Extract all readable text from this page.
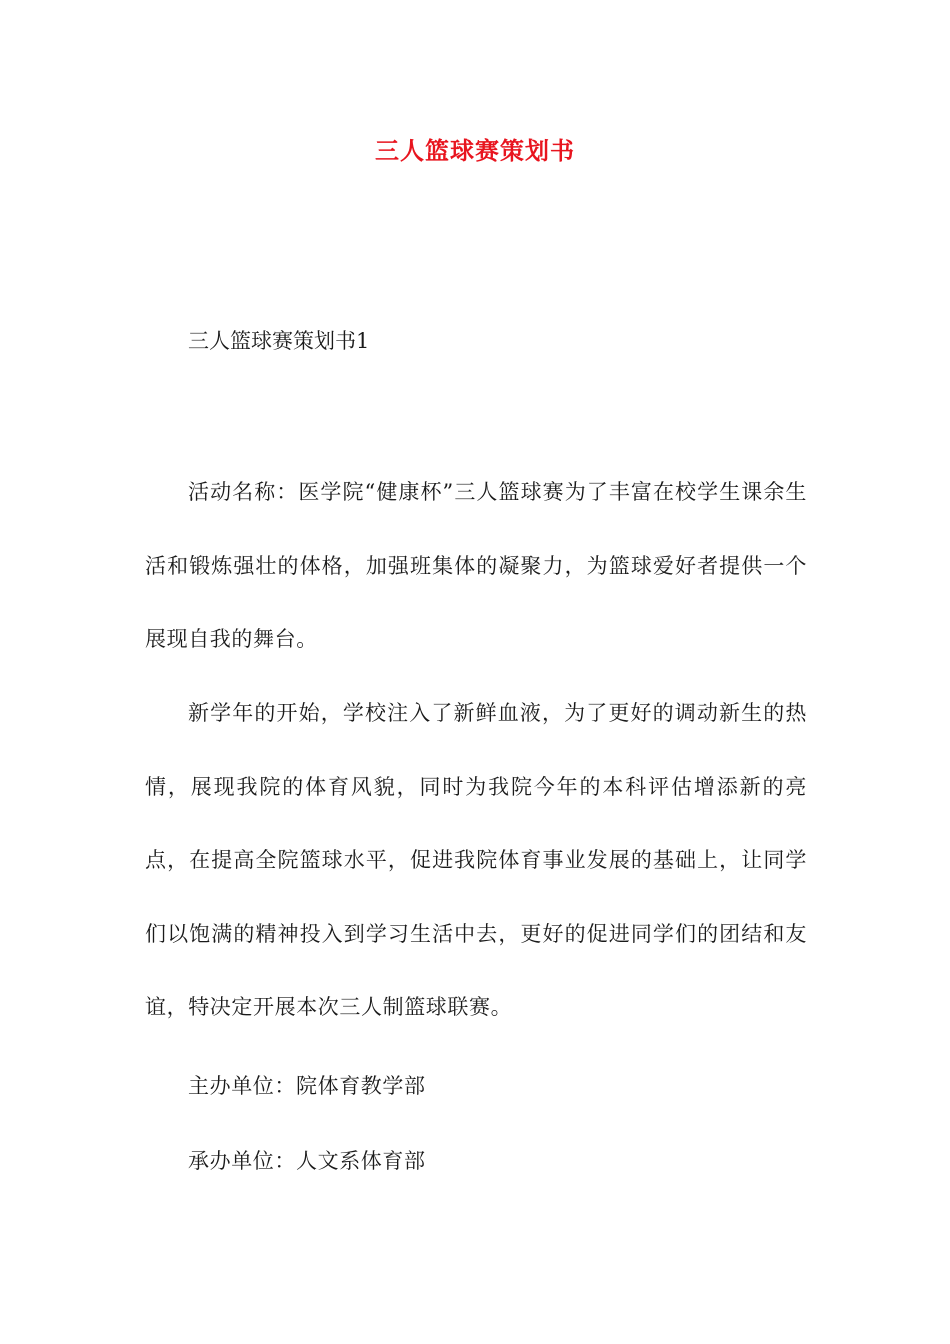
三人篮球赛策划书

三人篮球赛策划书1

活动名称：医学院“健康杯”三人篮球赛为了丰富在校学生课余生活和锻炼强壮的体格，加强班集体的凝聚力，为篮球爱好者提供一个展现自我的舞台。

新学年的开始，学校注入了新鲜血液，为了更好的调动新生的热情，展现我院的体育风貌，同时为我院今年的本科评估增添新的亮点，在提高全院篮球水平，促进我院体育事业发展的基础上，让同学们以饱满的精神投入到学习生活中去，更好的促进同学们的团结和友谊，特决定开展本次三人制篮球联赛。

主办单位：院体育教学部

承办单位：人文系体育部
